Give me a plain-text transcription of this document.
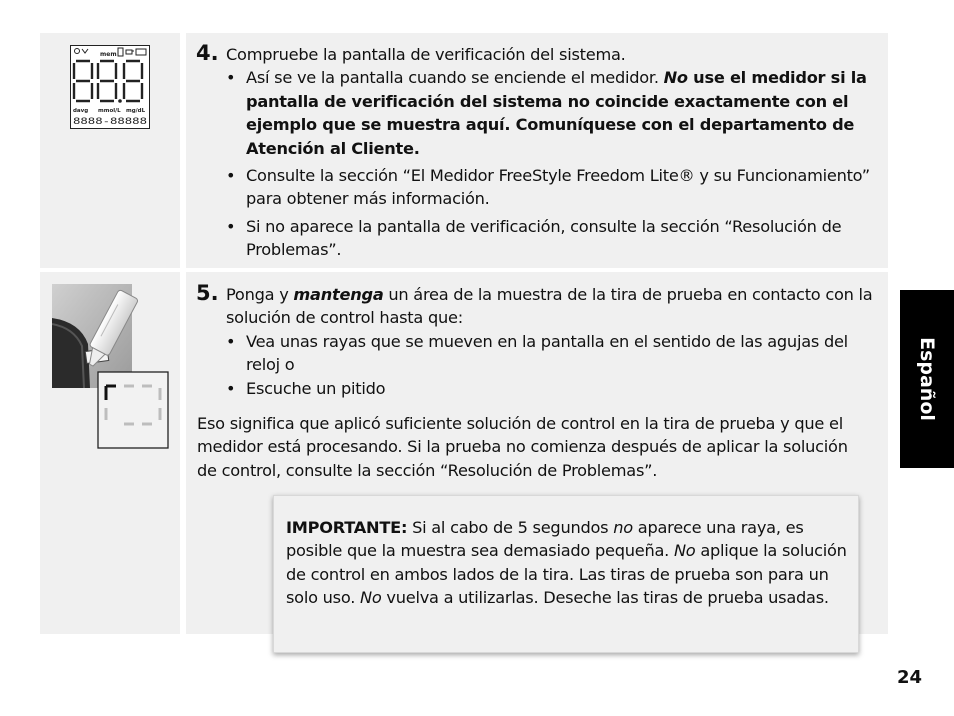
mem
davg mmol/L mg/dL
8888-88888
4. Compruebe la pantalla de verificación del sistema.
• Así se ve la pantalla cuando se enciende el medidor. No use el medidor si la pantalla de verificación del sistema no coincide exactamente con el ejemplo que se muestra aquí. Comuníquese con el departamento de Atención al Cliente.
• Consulte la sección “El Medidor FreeStyle Freedom Lite® y su Funcionamiento” para obtener más información.
• Si no aparece la pantalla de verificación, consulte la sección “Resolución de Problemas”.
5. Ponga y mantenga un área de la muestra de la tira de prueba en contacto con la solución de control hasta que:
• Vea unas rayas que se mueven en la pantalla en el sentido de las agujas del reloj o
• Escuche un pitido
Eso significa que aplicó suficiente solución de control en la tira de prueba y que el medidor está procesando. Si la prueba no comienza después de aplicar la solución de control, consulte la sección “Resolución de Problemas”.
IMPORTANTE: Si al cabo de 5 segundos no aparece una raya, es posible que la muestra sea demasiado pequeña. No aplique la solución de control en ambos lados de la tira. Las tiras de prueba son para un solo uso. No vuelva a utilizarlas. Deseche las tiras de prueba usadas.
Español
24
